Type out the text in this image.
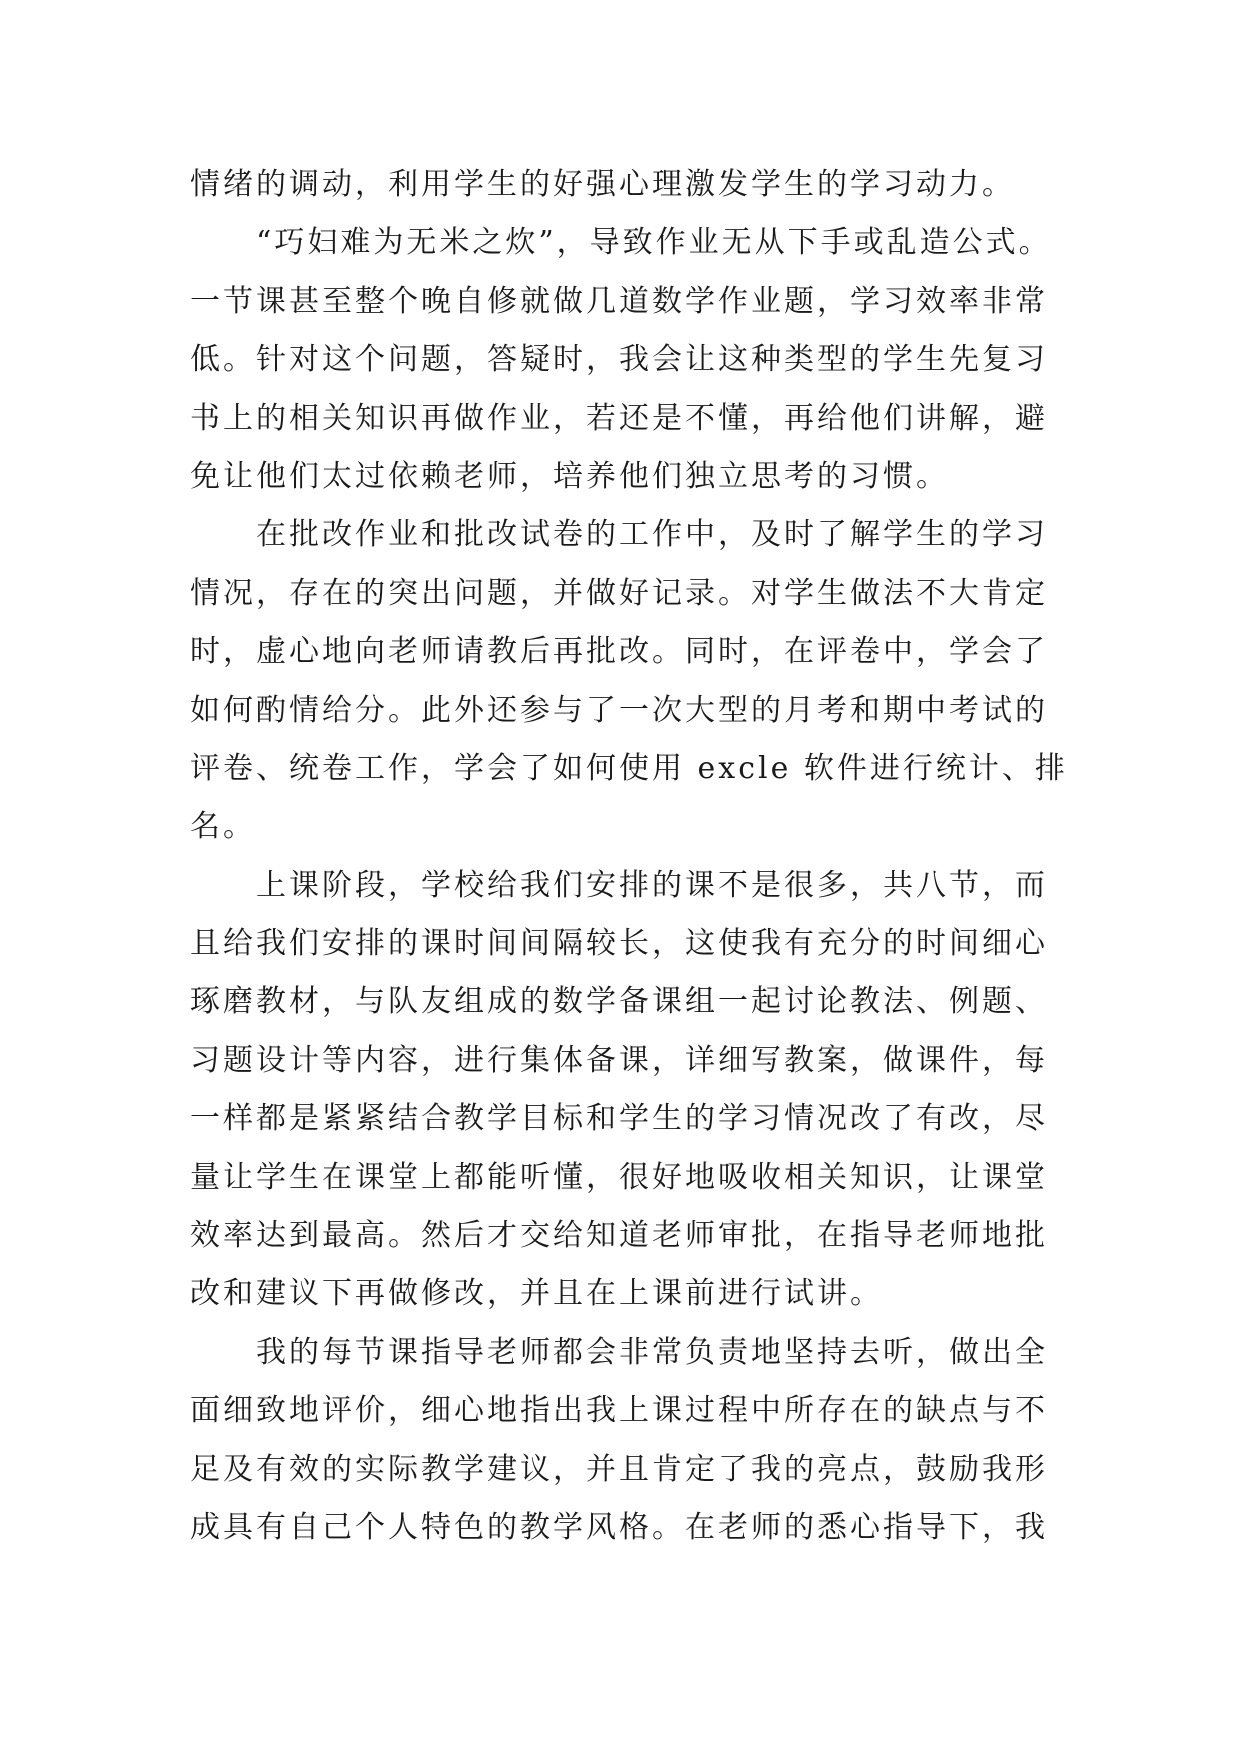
情绪的调动，利用学生的好强心理激发学生的学习动力。
“巧妇难为无米之炊”，导致作业无从下手或乱造公式。
一节课甚至整个晚自修就做几道数学作业题，学习效率非常
低。针对这个问题，答疑时，我会让这种类型的学生先复习
书上的相关知识再做作业，若还是不懂，再给他们讲解，避
免让他们太过依赖老师，培养他们独立思考的习惯。
在批改作业和批改试卷的工作中，及时了解学生的学习
情况，存在的突出问题，并做好记录。对学生做法不大肯定
时，虚心地向老师请教后再批改。同时，在评卷中，学会了
如何酌情给分。此外还参与了一次大型的月考和期中考试的
评卷、统卷工作，学会了如何使用 excle 软件进行统计、排
名。
上课阶段，学校给我们安排的课不是很多，共八节，而
且给我们安排的课时间间隔较长，这使我有充分的时间细心
琢磨教材，与队友组成的数学备课组一起讨论教法、例题、
习题设计等内容，进行集体备课，详细写教案，做课件，每
一样都是紧紧结合教学目标和学生的学习情况改了有改，尽
量让学生在课堂上都能听懂，很好地吸收相关知识，让课堂
效率达到最高。然后才交给知道老师审批，在指导老师地批
改和建议下再做修改，并且在上课前进行试讲。
我的每节课指导老师都会非常负责地坚持去听，做出全
面细致地评价，细心地指出我上课过程中所存在的缺点与不
足及有效的实际教学建议，并且肯定了我的亮点，鼓励我形
成具有自己个人特色的教学风格。在老师的悉心指导下，我
